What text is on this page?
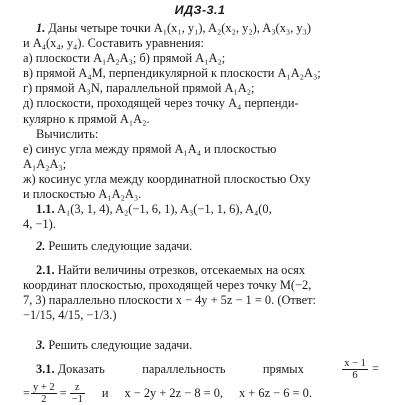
ИДЗ-3.1
1. Даны четыре точки A₁(x₁, y₁), A₂(x₂, y₂), A₃(x₃, y₃)
и A₄(x₄, y₄). Составить уравнения:
а) плоскости A₁A₂A₃; б) прямой A₁A₂;
в) прямой A₄M, перпендикулярной к плоскости A₁A₂A₃;
г) прямой A₃N, параллельной прямой A₁A₂;
д) плоскости, проходящей через точку A₄ перпенди-
кулярно к прямой A₁A₂.
Вычислить:
е) синус угла между прямой A₁A₄ и плоскостью
A₁A₂A₃;
ж) косинус угла между координатной плоскостью Oxy
и плоскостью A₁A₂A₃.
1.1. A₁(3, 1, 4), A₂(−1, 6, 1), A₃(−1, 1, 6), A₄(0,
4, −1).
2. Решить следующие задачи.
2.1. Найти величины отрезков, отсекаемых на осях
координат плоскостью, проходящей через точку M(−2,
7, 3) параллельно плоскости x − 4y + 5z − 1 = 0. (Ответ:
−1/15, 4/15, −1/3.)
3. Решить следующие задачи.
3.1. Доказать	параллельность	прямых	$\frac{x - 1}{6}$ =
= $\frac{y + 2}{2} = \frac{z}{-1}$ и x − 2y + 2z − 8 = 0, x + 6z − 6 = 0.
